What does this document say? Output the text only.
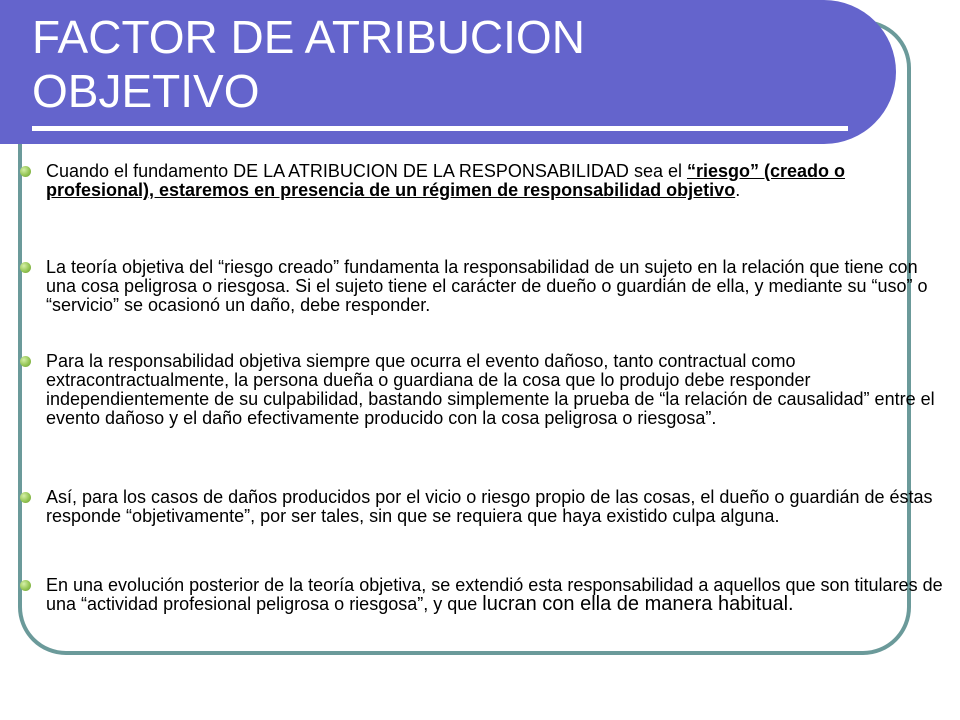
FACTOR DE ATRIBUCION
OBJETIVO
Cuando el fundamento DE LA ATRIBUCION DE LA RESPONSABILIDAD sea el “riesgo” (creado o profesional), estaremos en presencia de un régimen de responsabilidad objetivo.
La teoría objetiva del “riesgo creado” fundamenta la responsabilidad de un sujeto en la relación que tiene con una cosa peligrosa o riesgosa. Si el sujeto tiene el carácter de dueño o guardián de ella, y mediante su “uso” o “servicio” se ocasionó un daño, debe responder.
Para la responsabilidad objetiva siempre que ocurra el evento dañoso, tanto contractual como extracontractualmente, la persona dueña o guardiana de la cosa que lo produjo debe responder independientemente de su culpabilidad, bastando simplemente la prueba de “la relación de causalidad” entre el evento dañoso y el daño efectivamente producido con la cosa peligrosa o riesgosa”.
Así, para los casos de daños producidos por el vicio o riesgo propio de las cosas, el dueño o guardián de éstas responde “objetivamente”, por ser tales, sin que se requiera que haya existido culpa alguna.
En una evolución posterior de la teoría objetiva, se extendió esta responsabilidad a aquellos que son titulares de una “actividad profesional peligrosa o riesgosa”, y que lucran con ella de manera habitual.
